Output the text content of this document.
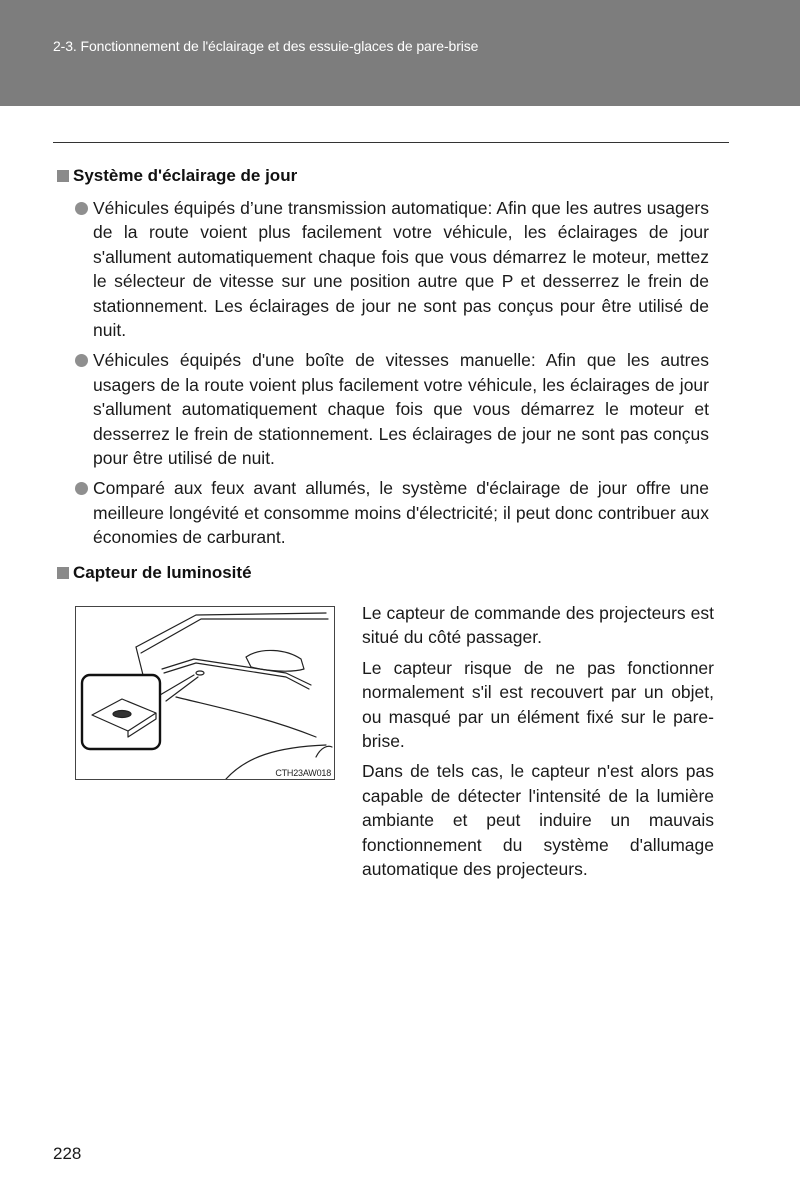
2-3. Fonctionnement de l'éclairage et des essuie-glaces de pare-brise
Système d'éclairage de jour
Véhicules équipés d’une transmission automatique: Afin que les autres usagers de la route voient plus facilement votre véhicule, les éclairages de jour s'allument automatiquement chaque fois que vous démarrez le moteur, mettez le sélecteur de vitesse sur une position autre que P et desserrez le frein de stationnement. Les éclairages de jour ne sont pas conçus pour être utilisé de nuit.
Véhicules équipés d'une boîte de vitesses manuelle: Afin que les autres usagers de la route voient plus facilement votre véhicule, les éclairages de jour s'allument automatiquement chaque fois que vous démarrez le moteur et desserrez le frein de stationnement. Les éclairages de jour ne sont pas conçus pour être utilisé de nuit.
Comparé aux feux avant allumés, le système d'éclairage de jour offre une meilleure longévité et consomme moins d'électricité; il peut donc contribuer aux économies de carburant.
Capteur de luminosité
CTH23AW018

Le capteur de commande des projecteurs est situé du côté passager.

Le capteur risque de ne pas fonctionner normalement s'il est recouvert par un objet, ou masqué par un élément fixé sur le pare-brise.

Dans de tels cas, le capteur n'est alors pas capable de détecter l'intensité de la lumière ambiante et peut induire un mauvais fonctionnement du système d'allumage automatique des projecteurs.

228
